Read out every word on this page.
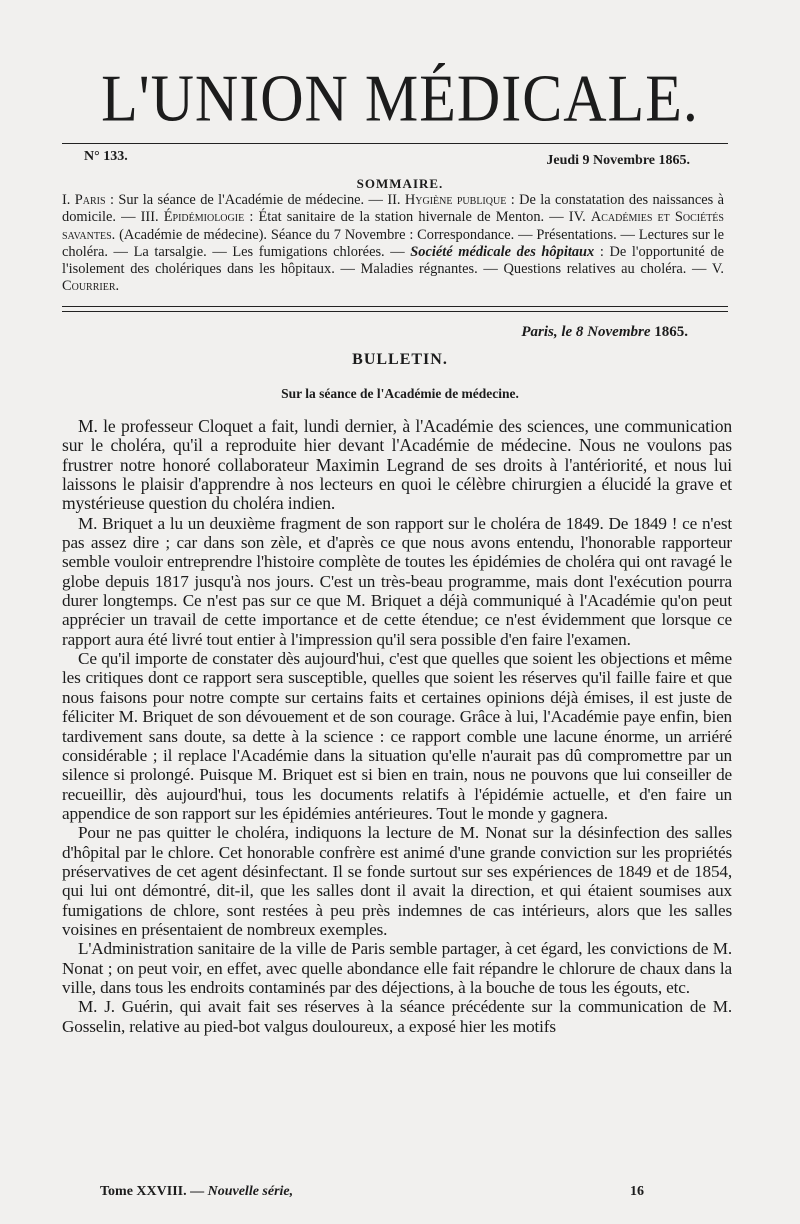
L'UNION MÉDICALE.
N° 133.	Jeudi 9 Novembre 1865.
SOMMAIRE.
I. Paris : Sur la séance de l'Académie de médecine. — II. Hygiène publique : De la constatation des naissances à domicile. — III. Épidémiologie : État sanitaire de la station hivernale de Menton. — IV. Académies et Sociétés savantes. (Académie de médecine). Séance du 7 Novembre : Correspondance. — Présentations. — Lectures sur le choléra. — La tarsalgie. — Les fumigations chlorées. — Société médicale des hôpitaux : De l'opportunité de l'isolement des cholériques dans les hôpitaux. — Maladies régnantes. — Questions relatives au choléra. — V. Courrier.
Paris, le 8 Novembre 1865.
BULLETIN.
Sur la séance de l'Académie de médecine.

M. le professeur Cloquet a fait, lundi dernier, à l'Académie des sciences, une communication sur le choléra, qu'il a reproduite hier devant l'Académie de médecine. Nous ne voulons pas frustrer notre honoré collaborateur Maximin Legrand de ses droits à l'antériorité, et nous lui laissons le plaisir d'apprendre à nos lecteurs en quoi le célèbre chirurgien a élucidé la grave et mystérieuse question du choléra indien.

M. Briquet a lu un deuxième fragment de son rapport sur le choléra de 1849. De 1849 ! ce n'est pas assez dire ; car dans son zèle, et d'après ce que nous avons entendu, l'honorable rapporteur semble vouloir entreprendre l'histoire complète de toutes les épidémies de choléra qui ont ravagé le globe depuis 1817 jusqu'à nos jours. C'est un très-beau programme, mais dont l'exécution pourra durer longtemps. Ce n'est pas sur ce que M. Briquet a déjà communiqué à l'Académie qu'on peut apprécier un travail de cette importance et de cette étendue; ce n'est évidemment que lorsque ce rapport aura été livré tout entier à l'impression qu'il sera possible d'en faire l'examen.

Ce qu'il importe de constater dès aujourd'hui, c'est que quelles que soient les objections et même les critiques dont ce rapport sera susceptible, quelles que soient les réserves qu'il faille faire et que nous faisons pour notre compte sur certains faits et certaines opinions déjà émises, il est juste de féliciter M. Briquet de son dévouement et de son courage. Grâce à lui, l'Académie paye enfin, bien tardivement sans doute, sa dette à la science : ce rapport comble une lacune énorme, un arriéré considérable ; il replace l'Académie dans la situation qu'elle n'aurait pas dû compromettre par un silence si prolongé. Puisque M. Briquet est si bien en train, nous ne pouvons que lui conseiller de recueillir, dès aujourd'hui, tous les documents relatifs à l'épidémie actuelle, et d'en faire un appendice de son rapport sur les épidémies antérieures. Tout le monde y gagnera.

Pour ne pas quitter le choléra, indiquons la lecture de M. Nonat sur la désinfection des salles d'hôpital par le chlore. Cet honorable confrère est animé d'une grande conviction sur les propriétés préservatives de cet agent désinfectant. Il se fonde surtout sur ses expériences de 1849 et de 1854, qui lui ont démontré, dit-il, que les salles dont il avait la direction, et qui étaient soumises aux fumigations de chlore, sont restées à peu près indemnes de cas intérieurs, alors que les salles voisines en présentaient de nombreux exemples.

L'Administration sanitaire de la ville de Paris semble partager, à cet égard, les convictions de M. Nonat ; on peut voir, en effet, avec quelle abondance elle fait répandre le chlorure de chaux dans la ville, dans tous les endroits contaminés par des déjections, à la bouche de tous les égouts, etc.

M. J. Guérin, qui avait fait ses réserves à la séance précédente sur la communication de M. Gosselin, relative au pied-bot valgus douloureux, a exposé hier les motifs

Tome XXVIII. — Nouvelle série,	16
